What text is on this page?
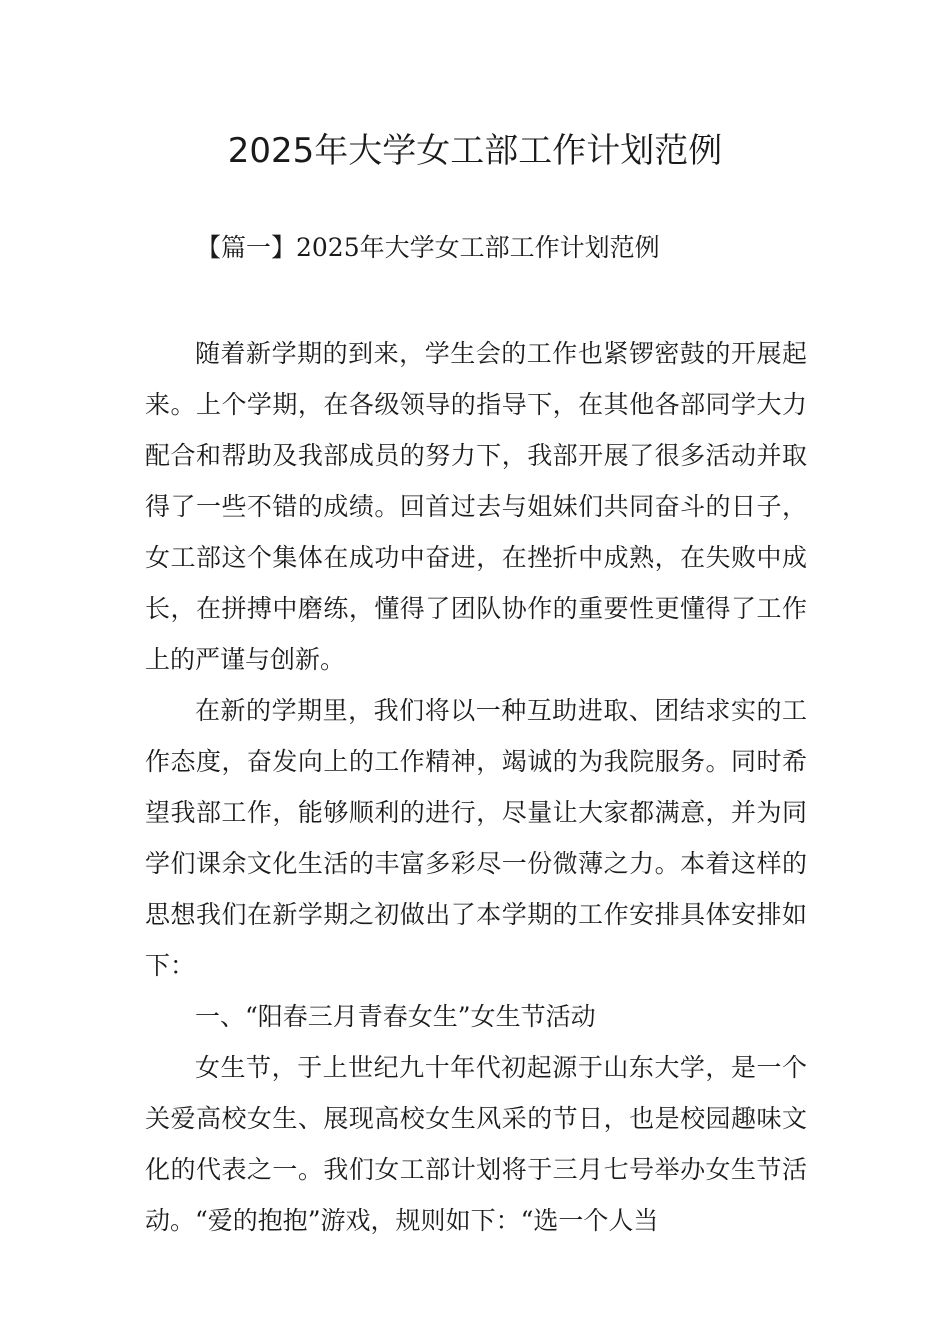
2025年大学女工部工作计划范例
【篇一】2025年大学女工部工作计划范例

随着新学期的到来，学生会的工作也紧锣密鼓的开展起来。上个学期，在各级领导的指导下，在其他各部同学大力配合和帮助及我部成员的努力下，我部开展了很多活动并取得了一些不错的成绩。回首过去与姐妹们共同奋斗的日子，女工部这个集体在成功中奋进，在挫折中成熟，在失败中成长，在拼搏中磨练，懂得了团队协作的重要性更懂得了工作上的严谨与创新。

在新的学期里，我们将以一种互助进取、团结求实的工作态度，奋发向上的工作精神，竭诚的为我院服务。同时希望我部工作，能够顺利的进行，尽量让大家都满意，并为同学们课余文化生活的丰富多彩尽一份微薄之力。本着这样的思想我们在新学期之初做出了本学期的工作安排具体安排如下：

一、“阳春三月青春女生”女生节活动

女生节，于上世纪九十年代初起源于山东大学，是一个关爱高校女生、展现高校女生风采的节日，也是校园趣味文化的代表之一。我们女工部计划将于三月七号举办女生节活动。“爱的抱抱”游戏，规则如下：“选一个人当
